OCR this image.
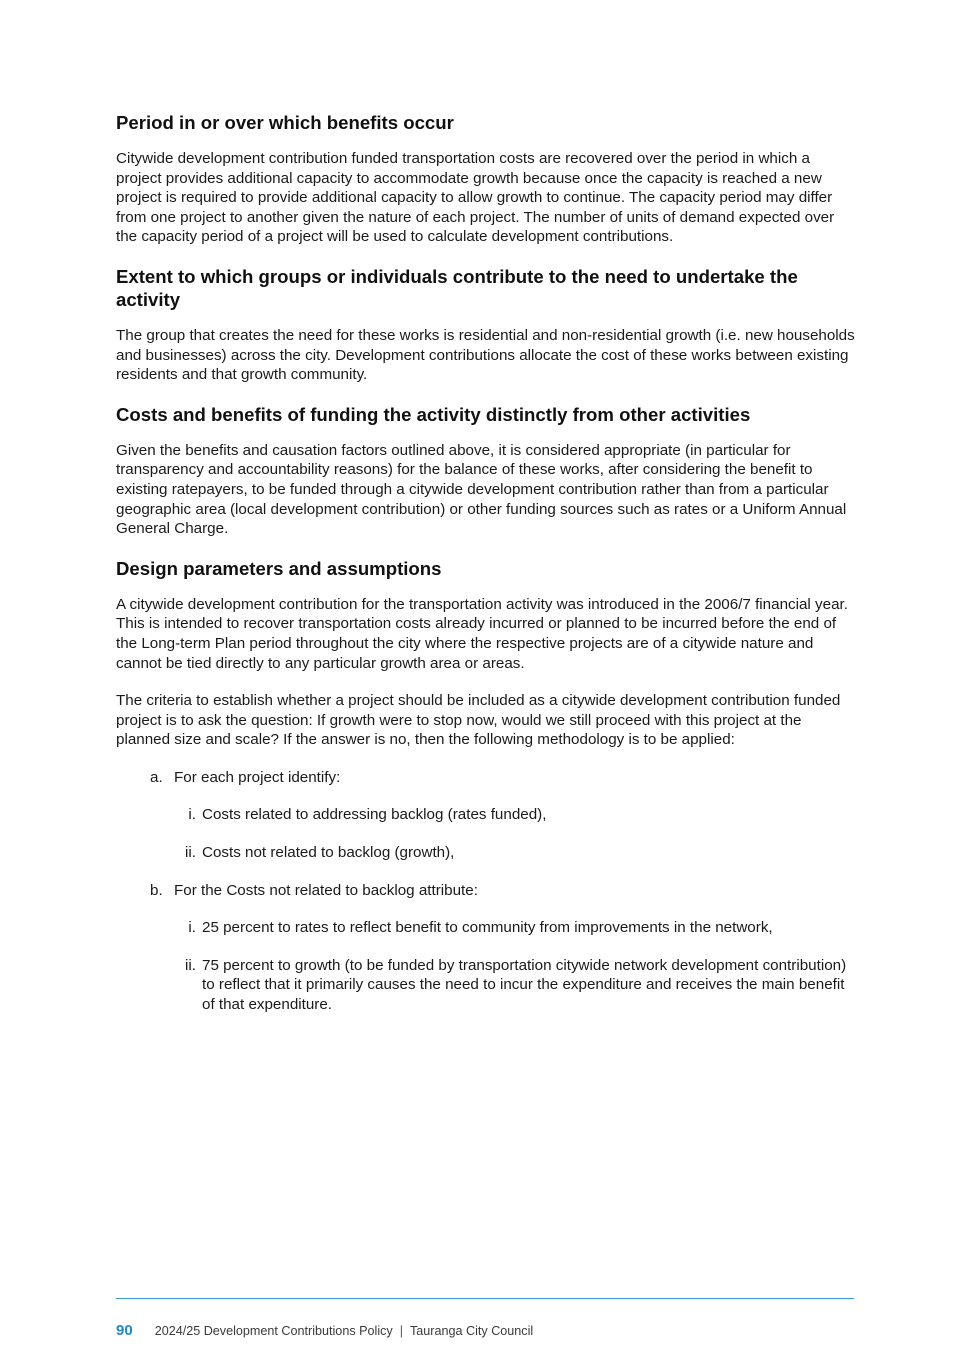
Period in or over which benefits occur

Citywide development contribution funded transportation costs are recovered over the period in which a project provides additional capacity to accommodate growth because once the capacity is reached a new project is required to provide additional capacity to allow growth to continue. The capacity period may differ from one project to another given the nature of each project. The number of units of demand expected over the capacity period of a project will be used to calculate development contributions.

Extent to which groups or individuals contribute to the need to undertake the activity

The group that creates the need for these works is residential and non-residential growth (i.e. new households and businesses) across the city. Development contributions allocate the cost of these works between existing residents and that growth community.

Costs and benefits of funding the activity distinctly from other activities

Given the benefits and causation factors outlined above, it is considered appropriate (in particular for transparency and accountability reasons) for the balance of these works, after considering the benefit to existing ratepayers, to be funded through a citywide development contribution rather than from a particular geographic area (local development contribution) or other funding sources such as rates or a Uniform Annual General Charge.

Design parameters and assumptions

A citywide development contribution for the transportation activity was introduced in the 2006/7 financial year. This is intended to recover transportation costs already incurred or planned to be incurred before the end of the Long-term Plan period throughout the city where the respective projects are of a citywide nature and cannot be tied directly to any particular growth area or areas.

The criteria to establish whether a project should be included as a citywide development contribution funded project is to ask the question: If growth were to stop now, would we still proceed with this project at the planned size and scale? If the answer is no, then the following methodology is to be applied:

a. For each project identify:
i. Costs related to addressing backlog (rates funded),
ii. Costs not related to backlog (growth),
b. For the Costs not related to backlog attribute:
i. 25 percent to rates to reflect benefit to community from improvements in the network,
ii. 75 percent to growth (to be funded by transportation citywide network development contribution) to reflect that it primarily causes the need to incur the expenditure and receives the main benefit of that expenditure.
90 2024/25 Development Contributions Policy | Tauranga City Council
